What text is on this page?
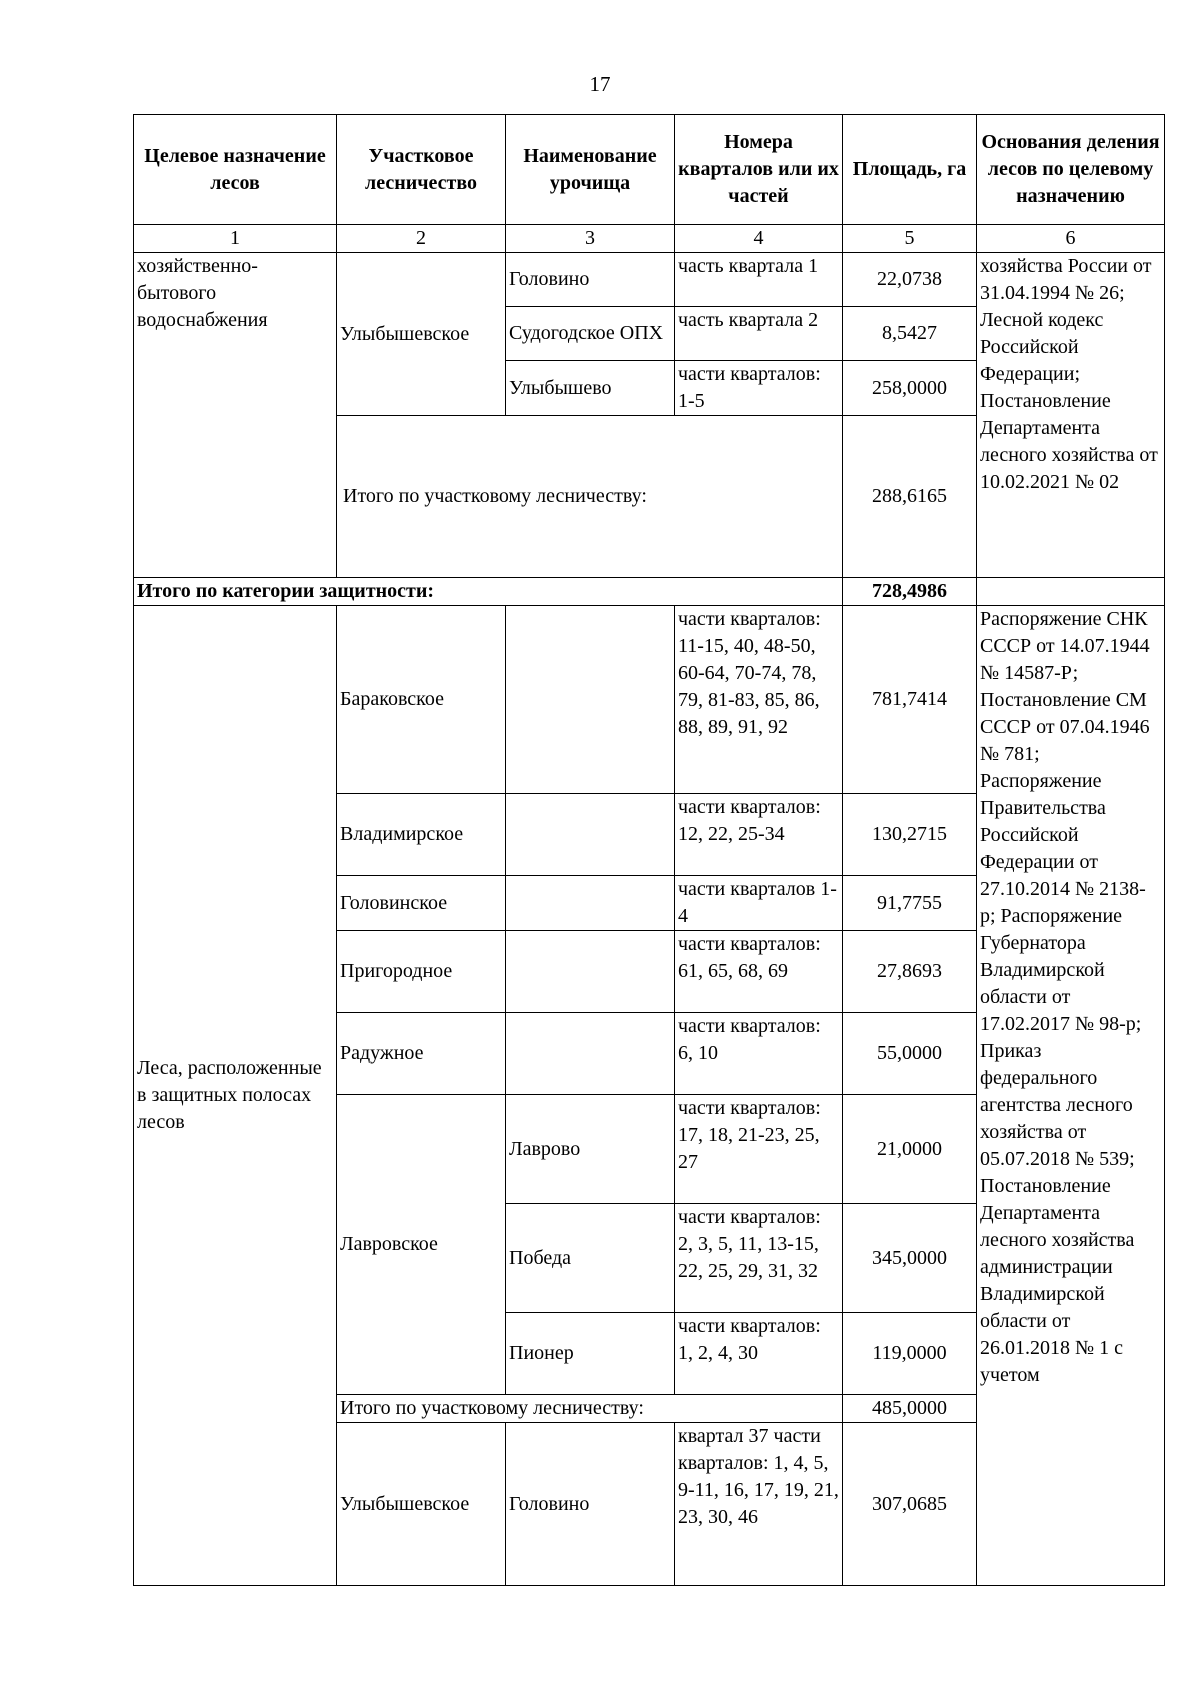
17
Целевое назначение лесов	Участковое лесничество	Наименование урочища	Номера кварталов или их частей	Площадь, га	Основания деления лесов по целевому назначению
1	2	3	4	5	6
хозяйственно-бытового водоснабжения	Улыбышевское	Головино	часть квартала 1	22,0738	хозяйства России от 31.04.1994 № 26; Лесной кодекс Российской Федерации; Постановление Департамента лесного хозяйства от 10.02.2021 № 02
		Судогодское ОПХ	часть квартала 2	8,5427	
		Улыбышево	части кварталов: 1-5	258,0000	
	Итого по участковому лесничеству:			288,6165	
Итого по категории защитности:				728,4986	
Леса, расположенные в защитных полосах лесов	Бараковское		части кварталов: 11-15, 40, 48-50, 60-64, 70-74, 78, 79, 81-83, 85, 86, 88, 89, 91, 92	781,7414	Распоряжение СНК СССР от 14.07.1944 № 14587-Р; Постановление СМ СССР от 07.04.1946 № 781; Распоряжение Правительства Российской Федерации от 27.10.2014 № 2138-р; Распоряжение Губернатора Владимирской области от 17.02.2017 № 98-р; Приказ федерального агентства лесного хозяйства от 05.07.2018 № 539; Постановление Департамента лесного хозяйства администрации Владимирской области от 26.01.2018 № 1 с учетом
	Владимирское		части кварталов: 12, 22, 25-34	130,2715	
	Головинское		части кварталов 1-4	91,7755	
	Пригородное		части кварталов: 61, 65, 68, 69	27,8693	
	Радужное		части кварталов: 6, 10	55,0000	
	Лавровское	Лаврово	части кварталов: 17, 18, 21-23, 25, 27	21,0000	
		Победа	части кварталов: 2, 3, 5, 11, 13-15, 22, 25, 29, 31, 32	345,0000	
		Пионер	части кварталов: 1, 2, 4, 30	119,0000	
	Итого по участковому лесничеству:			485,0000	
	Улыбышевское	Головино	квартал 37 части кварталов: 1, 4, 5, 9-11, 16, 17, 19, 21, 23, 30, 46	307,0685	
